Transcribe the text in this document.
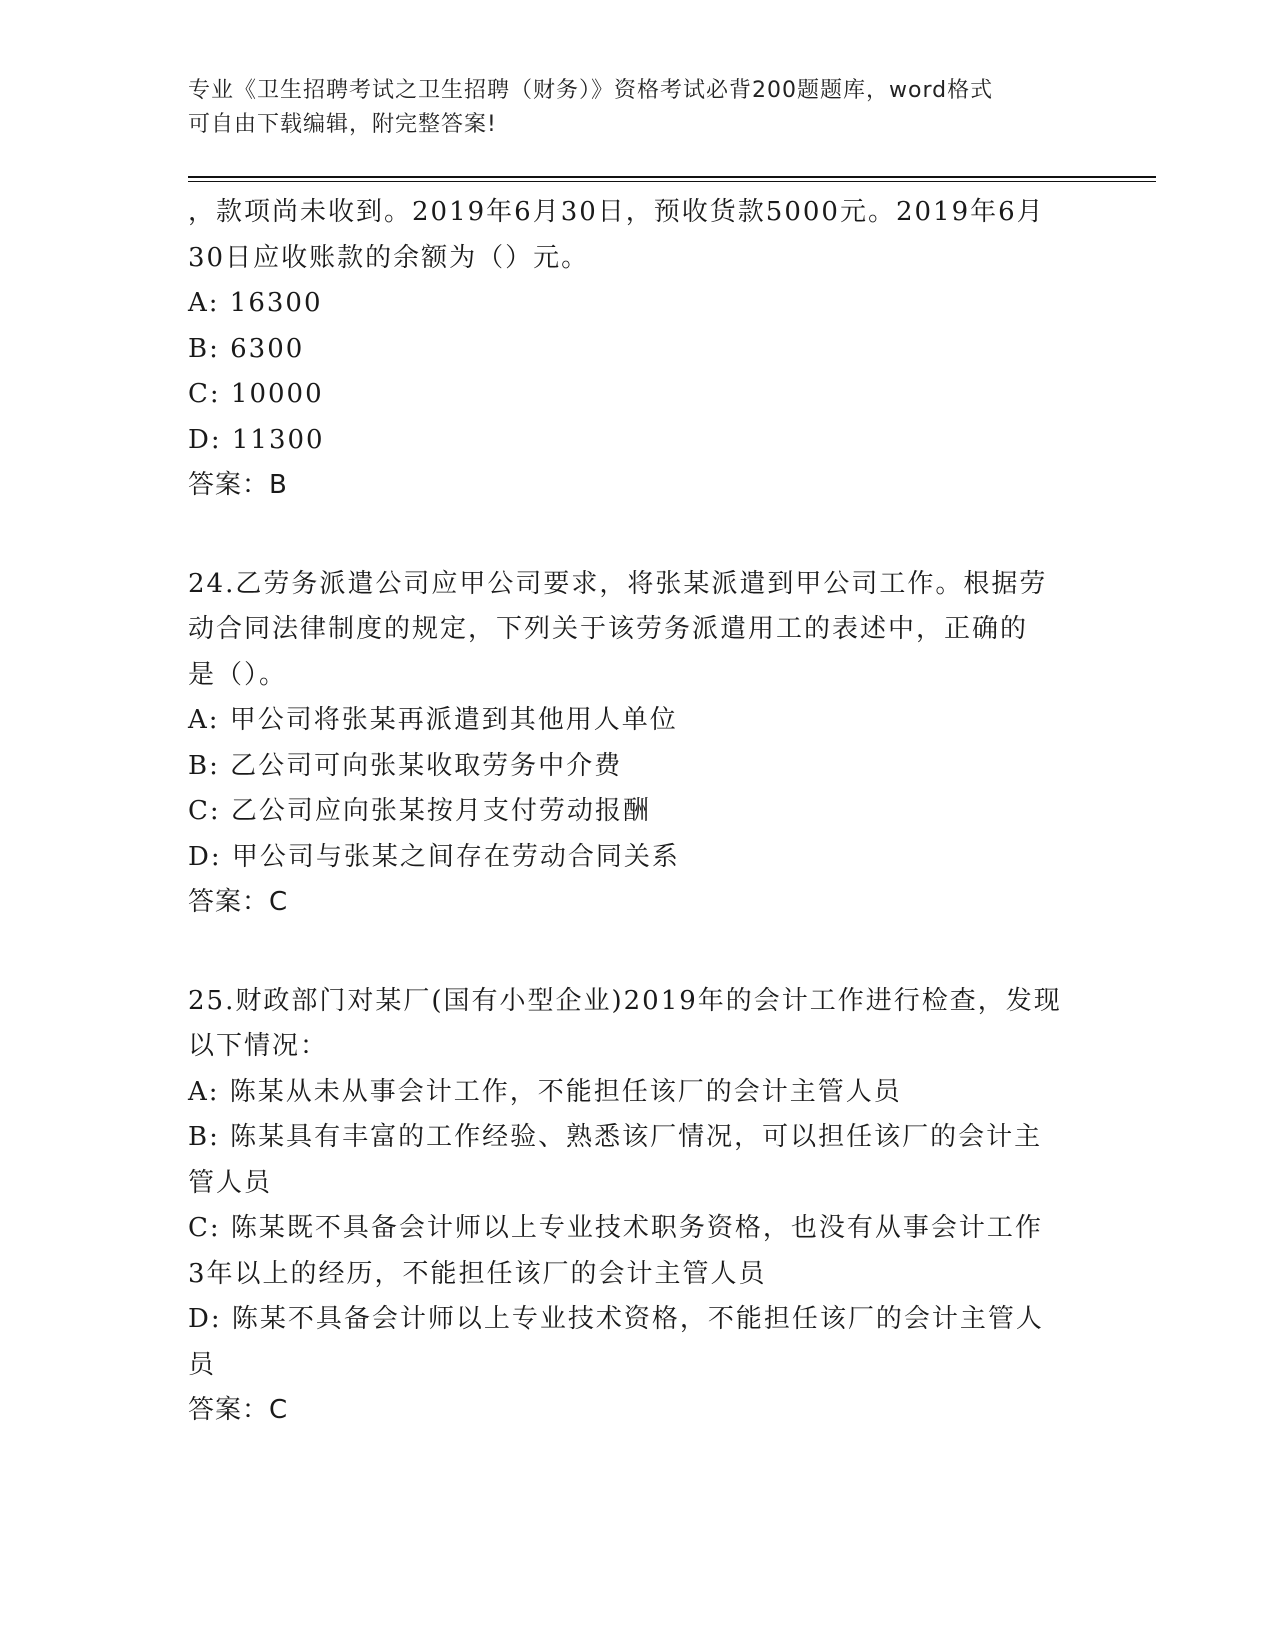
专业《卫生招聘考试之卫生招聘（财务）》资格考试必背200题题库，word格式
可自由下载编辑，附完整答案!

，款项尚未收到。2019年6月30日，预收货款5000元。2019年6月

30日应收账款的余额为（）元。

A: 16300

B: 6300

C: 10000

D: 11300

答案：B

24.乙劳务派遣公司应甲公司要求，将张某派遣到甲公司工作。根据劳

动合同法律制度的规定，下列关于该劳务派遣用工的表述中，正确的

是（）。

A: 甲公司将张某再派遣到其他用人单位

B: 乙公司可向张某收取劳务中介费

C: 乙公司应向张某按月支付劳动报酬

D: 甲公司与张某之间存在劳动合同关系

答案：C

25.财政部门对某厂(国有小型企业)2019年的会计工作进行检查，发现

以下情况：

A: 陈某从未从事会计工作，不能担任该厂的会计主管人员

B: 陈某具有丰富的工作经验、熟悉该厂情况，可以担任该厂的会计主

管人员

C: 陈某既不具备会计师以上专业技术职务资格，也没有从事会计工作

3年以上的经历，不能担任该厂的会计主管人员

D: 陈某不具备会计师以上专业技术资格，不能担任该厂的会计主管人

员

答案：C
